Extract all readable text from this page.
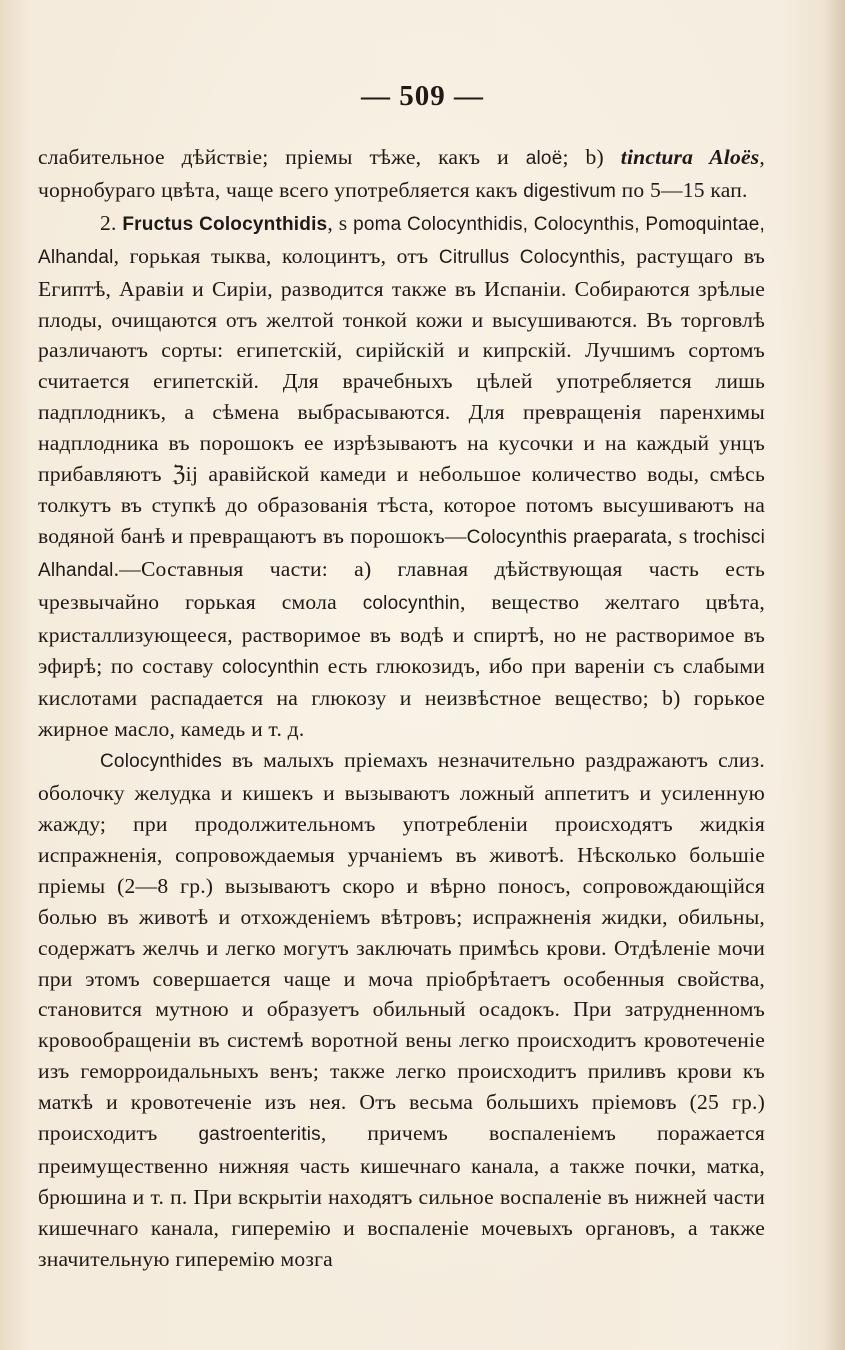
— 509 —

слабительное дѣйствіе; пріемы тѣже, какъ и aloë; b) tinctura Aloës, чорнобураго цвѣта, чаще всего употребляется какъ digestivum по 5—15 кап.

2. Fructus Colocynthidis, s poma Colocynthidis, Colocynthis, Pomoquintae, Alhandal, горькая тыква, колоцинтъ, отъ Citrullus Colocynthis, растущаго въ Египтѣ, Аравіи и Сиріи, разводится также въ Испаніи. Собираются зрѣлые плоды, очищаются отъ желтой тонкой кожи и высушиваются. Въ торговлѣ различаютъ сорты: египетскій, сирійскій и кипрскій. Лучшимъ сортомъ считается египетскій. Для врачебныхъ цѣлей употребляется лишь падплодникъ, а сѣмена выбрасываются. Для превращенія паренхимы надплодника въ порошокъ ее изрѣзываютъ на кусочки и на каждый унцъ прибавляютъ ℨij аравійской камеди и небольшое количество воды, смѣсь толкутъ въ ступкѣ до образованія тѣста, которое потомъ высушиваютъ на водяной банѣ и превращаютъ въ порошокъ—Colocynthis praeparata, s trochisci Alhandal.—Составныя части: а) главная дѣйствующая часть есть чрезвычайно горькая смола colocynthin, вещество желтаго цвѣта, кристаллизующееся, растворимое въ водѣ и спиртѣ, но не растворимое въ эфирѣ; по составу colocynthin есть глюкозидъ, ибо при вареніи съ слабыми кислотами распадается на глюкозу и неизвѣстное вещество; b) горькое жирное масло, камедь и т. д.

Colocynthides въ малыхъ пріемахъ незначительно раздражаютъ слиз. оболочку желудка и кишекъ и вызываютъ ложный аппетитъ и усиленную жажду; при продолжительномъ употребленіи происходятъ жидкія испражненія, сопровождаемыя урчаніемъ въ животѣ. Нѣсколько большіе пріемы (2—8 гр.) вызываютъ скоро и вѣрно поносъ, сопровождающійся болью въ животѣ и отхожденіемъ вѣтровъ; испражненія жидки, обильны, содержатъ желчь и легко могутъ заключать примѣсь крови. Отдѣленіе мочи при этомъ совершается чаще и моча пріобрѣтаетъ особенныя свойства, становится мутною и образуетъ обильный осадокъ. При затрудненномъ кровообращеніи въ системѣ воротной вены легко происходитъ кровотеченіе изъ геморроидальныхъ венъ; также легко происходитъ приливъ крови къ маткѣ и кровотеченіе изъ нея. Отъ весьма большихъ пріемовъ (25 гр.) происходитъ gastroenteritis, причемъ воспаленіемъ поражается преимущественно нижняя часть кишечнаго канала, а также почки, матка, брюшина и т. п. При вскрытіи находятъ сильное воспаленіе въ нижней части кишечнаго канала, гиперемію и воспаленіе мочевыхъ органовъ, а также значительную гиперемію мозга
